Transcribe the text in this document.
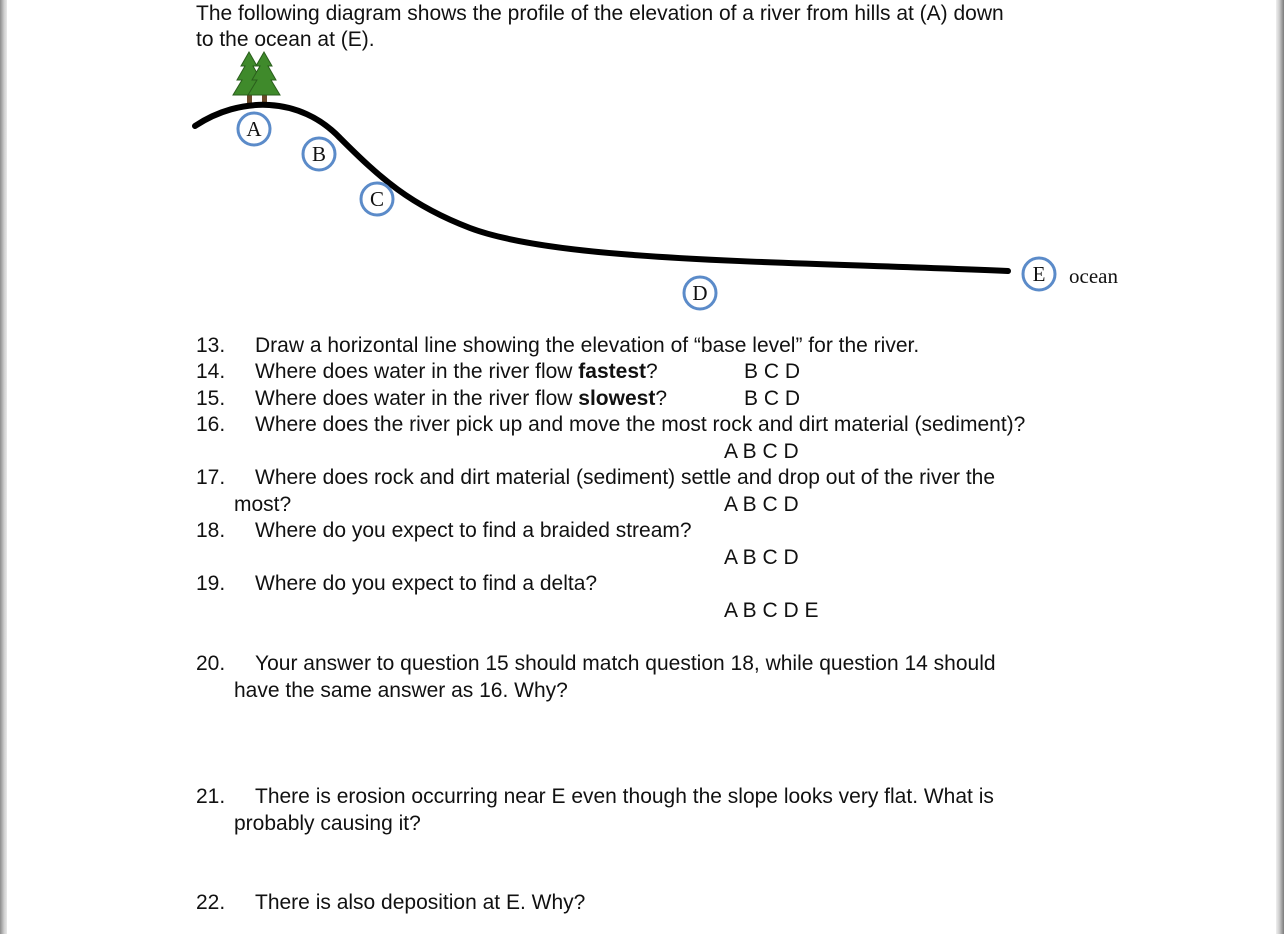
The following diagram shows the profile of the elevation of a river from hills at (A) down
to the ocean at (E).
A
B
C
D
E ocean
13. Draw a horizontal line showing the elevation of “base level” for the river.
14. Where does water in the river flow fastest?	B C D
15. Where does water in the river flow slowest?	B C D
16. Where does the river pick up and move the most rock and dirt material (sediment)?
A B C D
17. Where does rock and dirt material (sediment) settle and drop out of the river the
most?	A B C D
18. Where do you expect to find a braided stream?
A B C D
19. Where do you expect to find a delta?
A B C D E
20. Your answer to question 15 should match question 18, while question 14 should
have the same answer as 16. Why?
21. There is erosion occurring near E even though the slope looks very flat. What is
probably causing it?
22. There is also deposition at E. Why?
